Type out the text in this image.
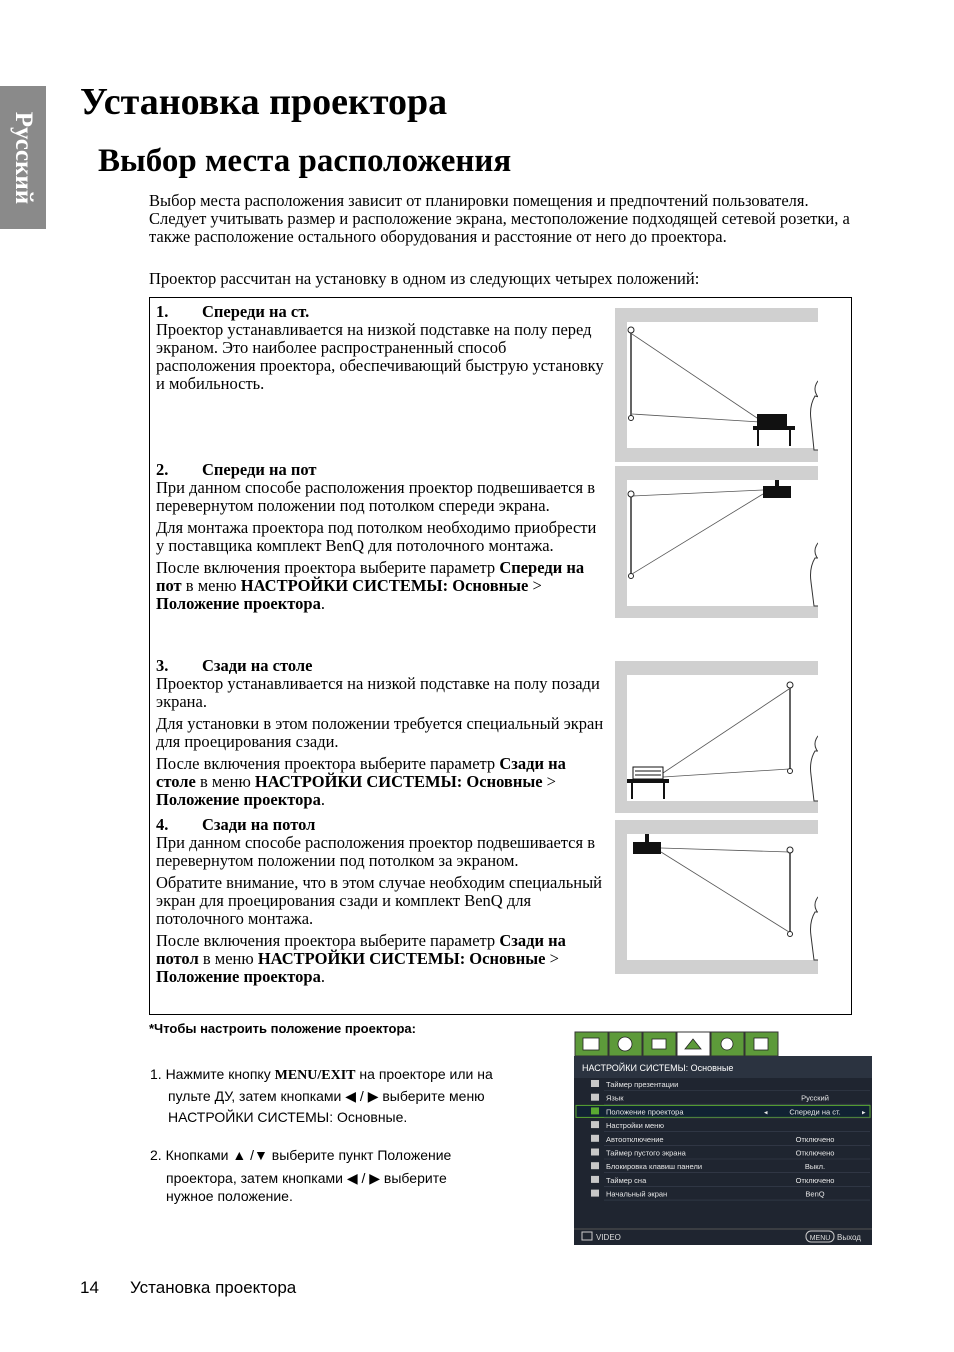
Русский
Установка проектора
Выбор места расположения

Выбор места расположения зависит от планировки помещения и предпочтений пользователя. Следует учитывать размер и расположение экрана, местоположение подходящей сетевой розетки, а также расположение остального оборудования и расстояние от него до проектора.

Проектор рассчитан на установку в одном из следующих четырех положений:

1. Спереди на ст.

Проектор устанавливается на низкой подставке на полу перед экраном. Это наиболее распространенный способ расположения проектора, обеспечивающий быструю установку и мобильность.

2. Спереди на пот

При данном способе расположения проектор подвешивается в перевернутом положении под потолком спереди экрана.

Для монтажа проектора под потолком необходимо приобрести у поставщика комплект BenQ для потолочного монтажа.

После включения проектора выберите параметр Спереди на пот в меню НАСТРОЙКИ СИСТЕМЫ: Основные > Положение проектора.

3. Сзади на столе

Проектор устанавливается на низкой подставке на полу позади экрана.

Для установки в этом положении требуется специальный экран для проецирования сзади.

После включения проектора выберите параметр Сзади на столе в меню НАСТРОЙКИ СИСТЕМЫ: Основные > Положение проектора.

4. Сзади на потол

При данном способе расположения проектор подвешивается в перевернутом положении под потолком за экраном.

Обратите внимание, что в этом случае необходим специальный экран для проецирования сзади и комплект BenQ для потолочного монтажа.

После включения проектора выберите параметр Сзади на потол в меню НАСТРОЙКИ СИСТЕМЫ: Основные > Положение проектора.

*Чтобы настроить положение проектора:
1. Нажмите кнопку MENU/EXIT на проекторе или на
пульте ДУ, затем кнопками ◀ / ▶ выберите меню
НАСТРОЙКИ СИСТЕМЫ: Основные.
2. Кнопками ▲ /▼ выберите пункт Положение
проектора, затем кнопками ◀ / ▶ выберите
нужное положение.
НАСТРОЙКИ СИСТЕМЫ: Основные
Таймер презентации
Язык	Русский
Положение проектора	Спереди на ст.
◂	▸
Настройки меню
Автоотключение	Отключено
Таймер пустого экрана	Отключено
Блокировка клавиш панели	Выкл.
Таймер сна	Отключено
Начальный экран	BenQ
VIDEO	MENU Выход
14 Установка проектора
